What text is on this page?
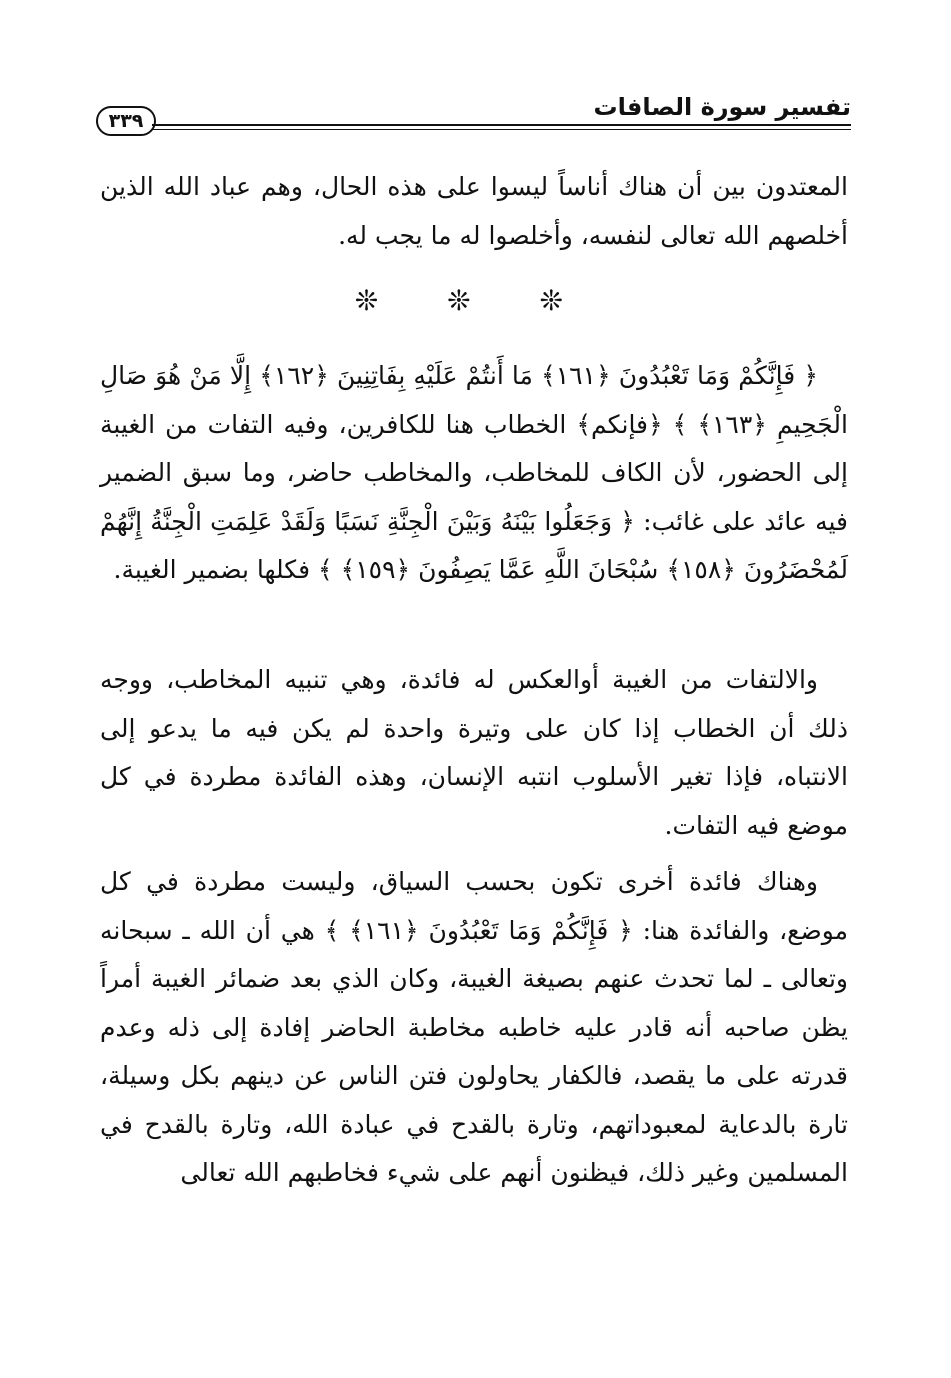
تفسير سورة الصافات
٣٣٩
المعتدون بين أن هناك أناساً ليسوا على هذه الحال، وهم عباد الله الذين أخلصهم الله تعالى لنفسه، وأخلصوا له ما يجب له.
❊ ❊ ❊
﴿ فَإِنَّكُمْ وَمَا تَعْبُدُونَ ﴿١٦١﴾ مَا أَنتُمْ عَلَيْهِ بِفَاتِنِينَ ﴿١٦٢﴾ إِلَّا مَنْ هُوَ صَالِ الْجَحِيمِ ﴿١٦٣﴾ ﴾ ﴿فإنكم﴾ الخطاب هنا للكافرين، وفيه التفات من الغيبة إلى الحضور، لأن الكاف للمخاطب، والمخاطب حاضر، وما سبق الضمير فيه عائد على غائب: ﴿ وَجَعَلُوا بَيْنَهُ وَبَيْنَ الْجِنَّةِ نَسَبًا وَلَقَدْ عَلِمَتِ الْجِنَّةُ إِنَّهُمْ لَمُحْضَرُونَ ﴿١٥٨﴾ سُبْحَانَ اللَّهِ عَمَّا يَصِفُونَ ﴿١٥٩﴾ ﴾ فكلها بضمير الغيبة.
والالتفات من الغيبة أوالعكس له فائدة، وهي تنبيه المخاطب، ووجه ذلك أن الخطاب إذا كان على وتيرة واحدة لم يكن فيه ما يدعو إلى الانتباه، فإذا تغير الأسلوب انتبه الإنسان، وهذه الفائدة مطردة في كل موضع فيه التفات.
وهناك فائدة أخرى تكون بحسب السياق، وليست مطردة في كل موضع، والفائدة هنا: ﴿ فَإِنَّكُمْ وَمَا تَعْبُدُونَ ﴿١٦١﴾ ﴾ هي أن الله ـ سبحانه وتعالى ـ لما تحدث عنهم بصيغة الغيبة، وكان الذي بعد ضمائر الغيبة أمراً يظن صاحبه أنه قادر عليه خاطبه مخاطبة الحاضر إفادة إلى ذله وعدم قدرته على ما يقصد، فالكفار يحاولون فتن الناس عن دينهم بكل وسيلة، تارة بالدعاية لمعبوداتهم، وتارة بالقدح في عبادة الله، وتارة بالقدح في المسلمين وغير ذلك، فيظنون أنهم على شيء فخاطبهم الله تعالى
